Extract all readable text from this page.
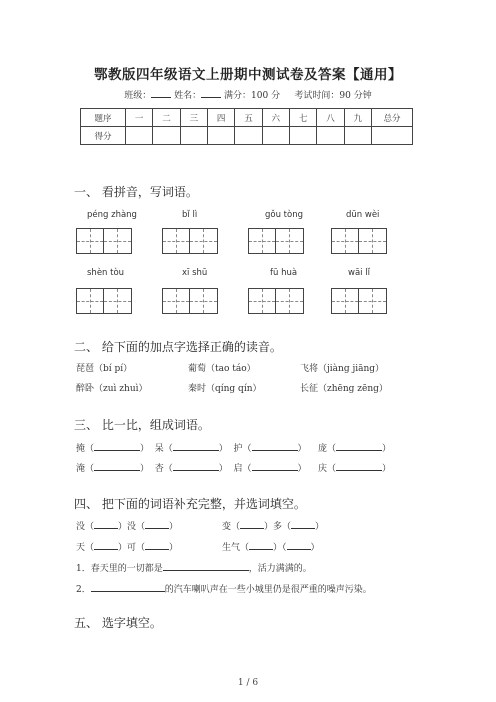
鄂教版四年级语文上册期中测试卷及答案【通用】
班级：	姓名：	满分：100 分 考试时间：90 分钟
题序	一	二	三	四	五	六	七	八	九	总分
得分										
一、 看拼音，写词语。
péng zhàng	bǐ lì	gǒu tòng	dūn wèi
shèn tòu	xī shū	fū huà	wāi lǐ
二、 给下面的加点字选择正确的读音。
琵琶（bí pí）	葡萄（tao táo）	飞将（jiàng jiāng）
醉卧（zuì zhuì）	秦时（qíng qín）	长征（zhēng zēng）
三、 比一比，组成词语。
掩（	） 呆（	） 护（	） 庞（	）
淹（	） 杏（	） 启（	） 庆（	）
四、 把下面的词语补充完整，并选词填空。
没（	）没（	）	变（	）多（	）
天（	）可（	）	生气（	）（	）
1．春天里的一切都是	，活力满满的。
2．	的汽车喇叭声在一些小城里仍是很严重的噪声污染。
五、 选字填空。
1 / 6
